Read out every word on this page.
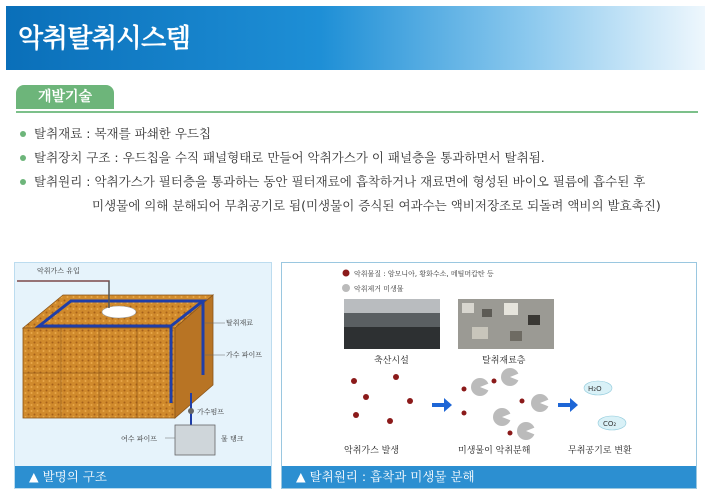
악취탈취시스템
개발기술
탈취재료 : 목재를 파쇄한 우드칩
탈취장치 구조 : 우드칩을 수직 패널형태로 만들어 악취가스가 이 패널층을 통과하면서 탈취됨.
탈취원리 : 악취가스가 필터층을 통과하는 동안 필터재료에 흡착하거나 재료면에 형성된 바이오 필름에 흡수된 후
미생물에 의해 분해되어 무취공기로 됨(미생물이 증식된 여과수는 액비저장조로 되돌려 액비의 발효촉진)
악취가스 유입
탈취재료
가수 파이프
가수펌프
물 탱크
여수 파이프
▲ 발명의 구조
악취물질 : 암모니아, 황화수소, 메틸머캅탄 등
악취제거 미생물
축산시설	탈취재료층
H₂O
CO₂
악취가스 발생	미생물이 악취분해	무취공기로 변환
▲ 탈취원리 : 흡착과 미생물 분해
